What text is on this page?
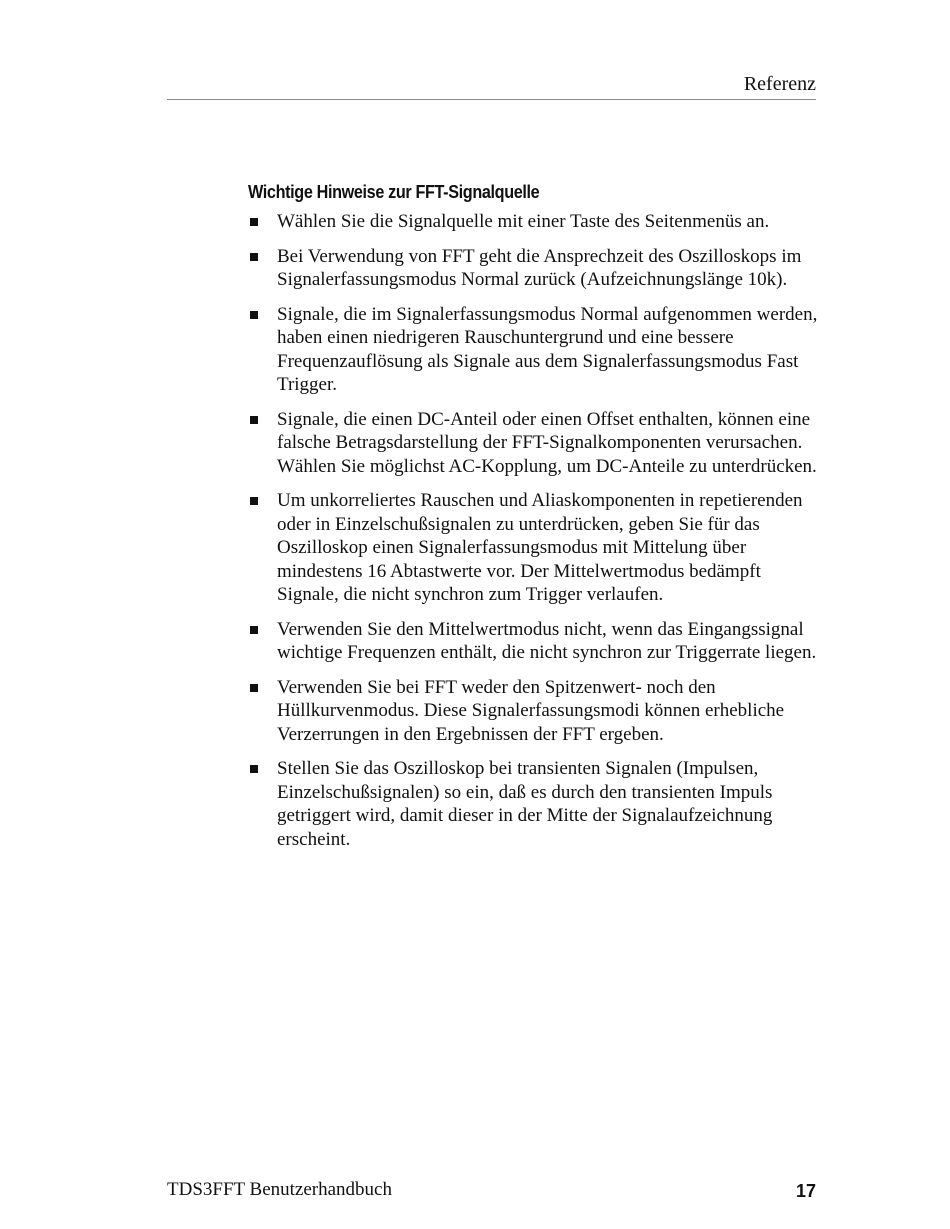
Referenz
Wichtige Hinweise zur FFT-Signalquelle
Wählen Sie die Signalquelle mit einer Taste des Seitenmenüs an.
Bei Verwendung von FFT geht die Ansprechzeit des Oszilloskops im Signalerfassungsmodus Normal zurück (Aufzeichnungslänge 10k).
Signale, die im Signalerfassungsmodus Normal aufgenommen werden, haben einen niedrigeren Rauschuntergrund und eine bessere Frequenzauflösung als Signale aus dem Signalerfassungsmodus Fast Trigger.
Signale, die einen DC-Anteil oder einen Offset enthalten, können eine falsche Betragsdarstellung der FFT-Signalkomponenten verursachen. Wählen Sie möglichst AC-Kopplung, um DC-Anteile zu unterdrücken.
Um unkorreliertes Rauschen und Aliaskomponenten in repetierenden oder in Einzelschußsignalen zu unterdrücken, geben Sie für das Oszilloskop einen Signalerfassungsmodus mit Mittelung über mindestens 16 Abtastwerte vor. Der Mittelwertmodus bedämpft Signale, die nicht synchron zum Trigger verlaufen.
Verwenden Sie den Mittelwertmodus nicht, wenn das Eingangssignal wichtige Frequenzen enthält, die nicht synchron zur Triggerrate liegen.
Verwenden Sie bei FFT weder den Spitzenwert- noch den Hüllkurvenmodus. Diese Signalerfassungsmodi können erhebliche Verzerrungen in den Ergebnissen der FFT ergeben.
Stellen Sie das Oszilloskop bei transienten Signalen (Impulsen, Einzelschußsignalen) so ein, daß es durch den transienten Impuls getriggert wird, damit dieser in der Mitte der Signalaufzeichnung erscheint.
TDS3FFT Benutzerhandbuch	17
